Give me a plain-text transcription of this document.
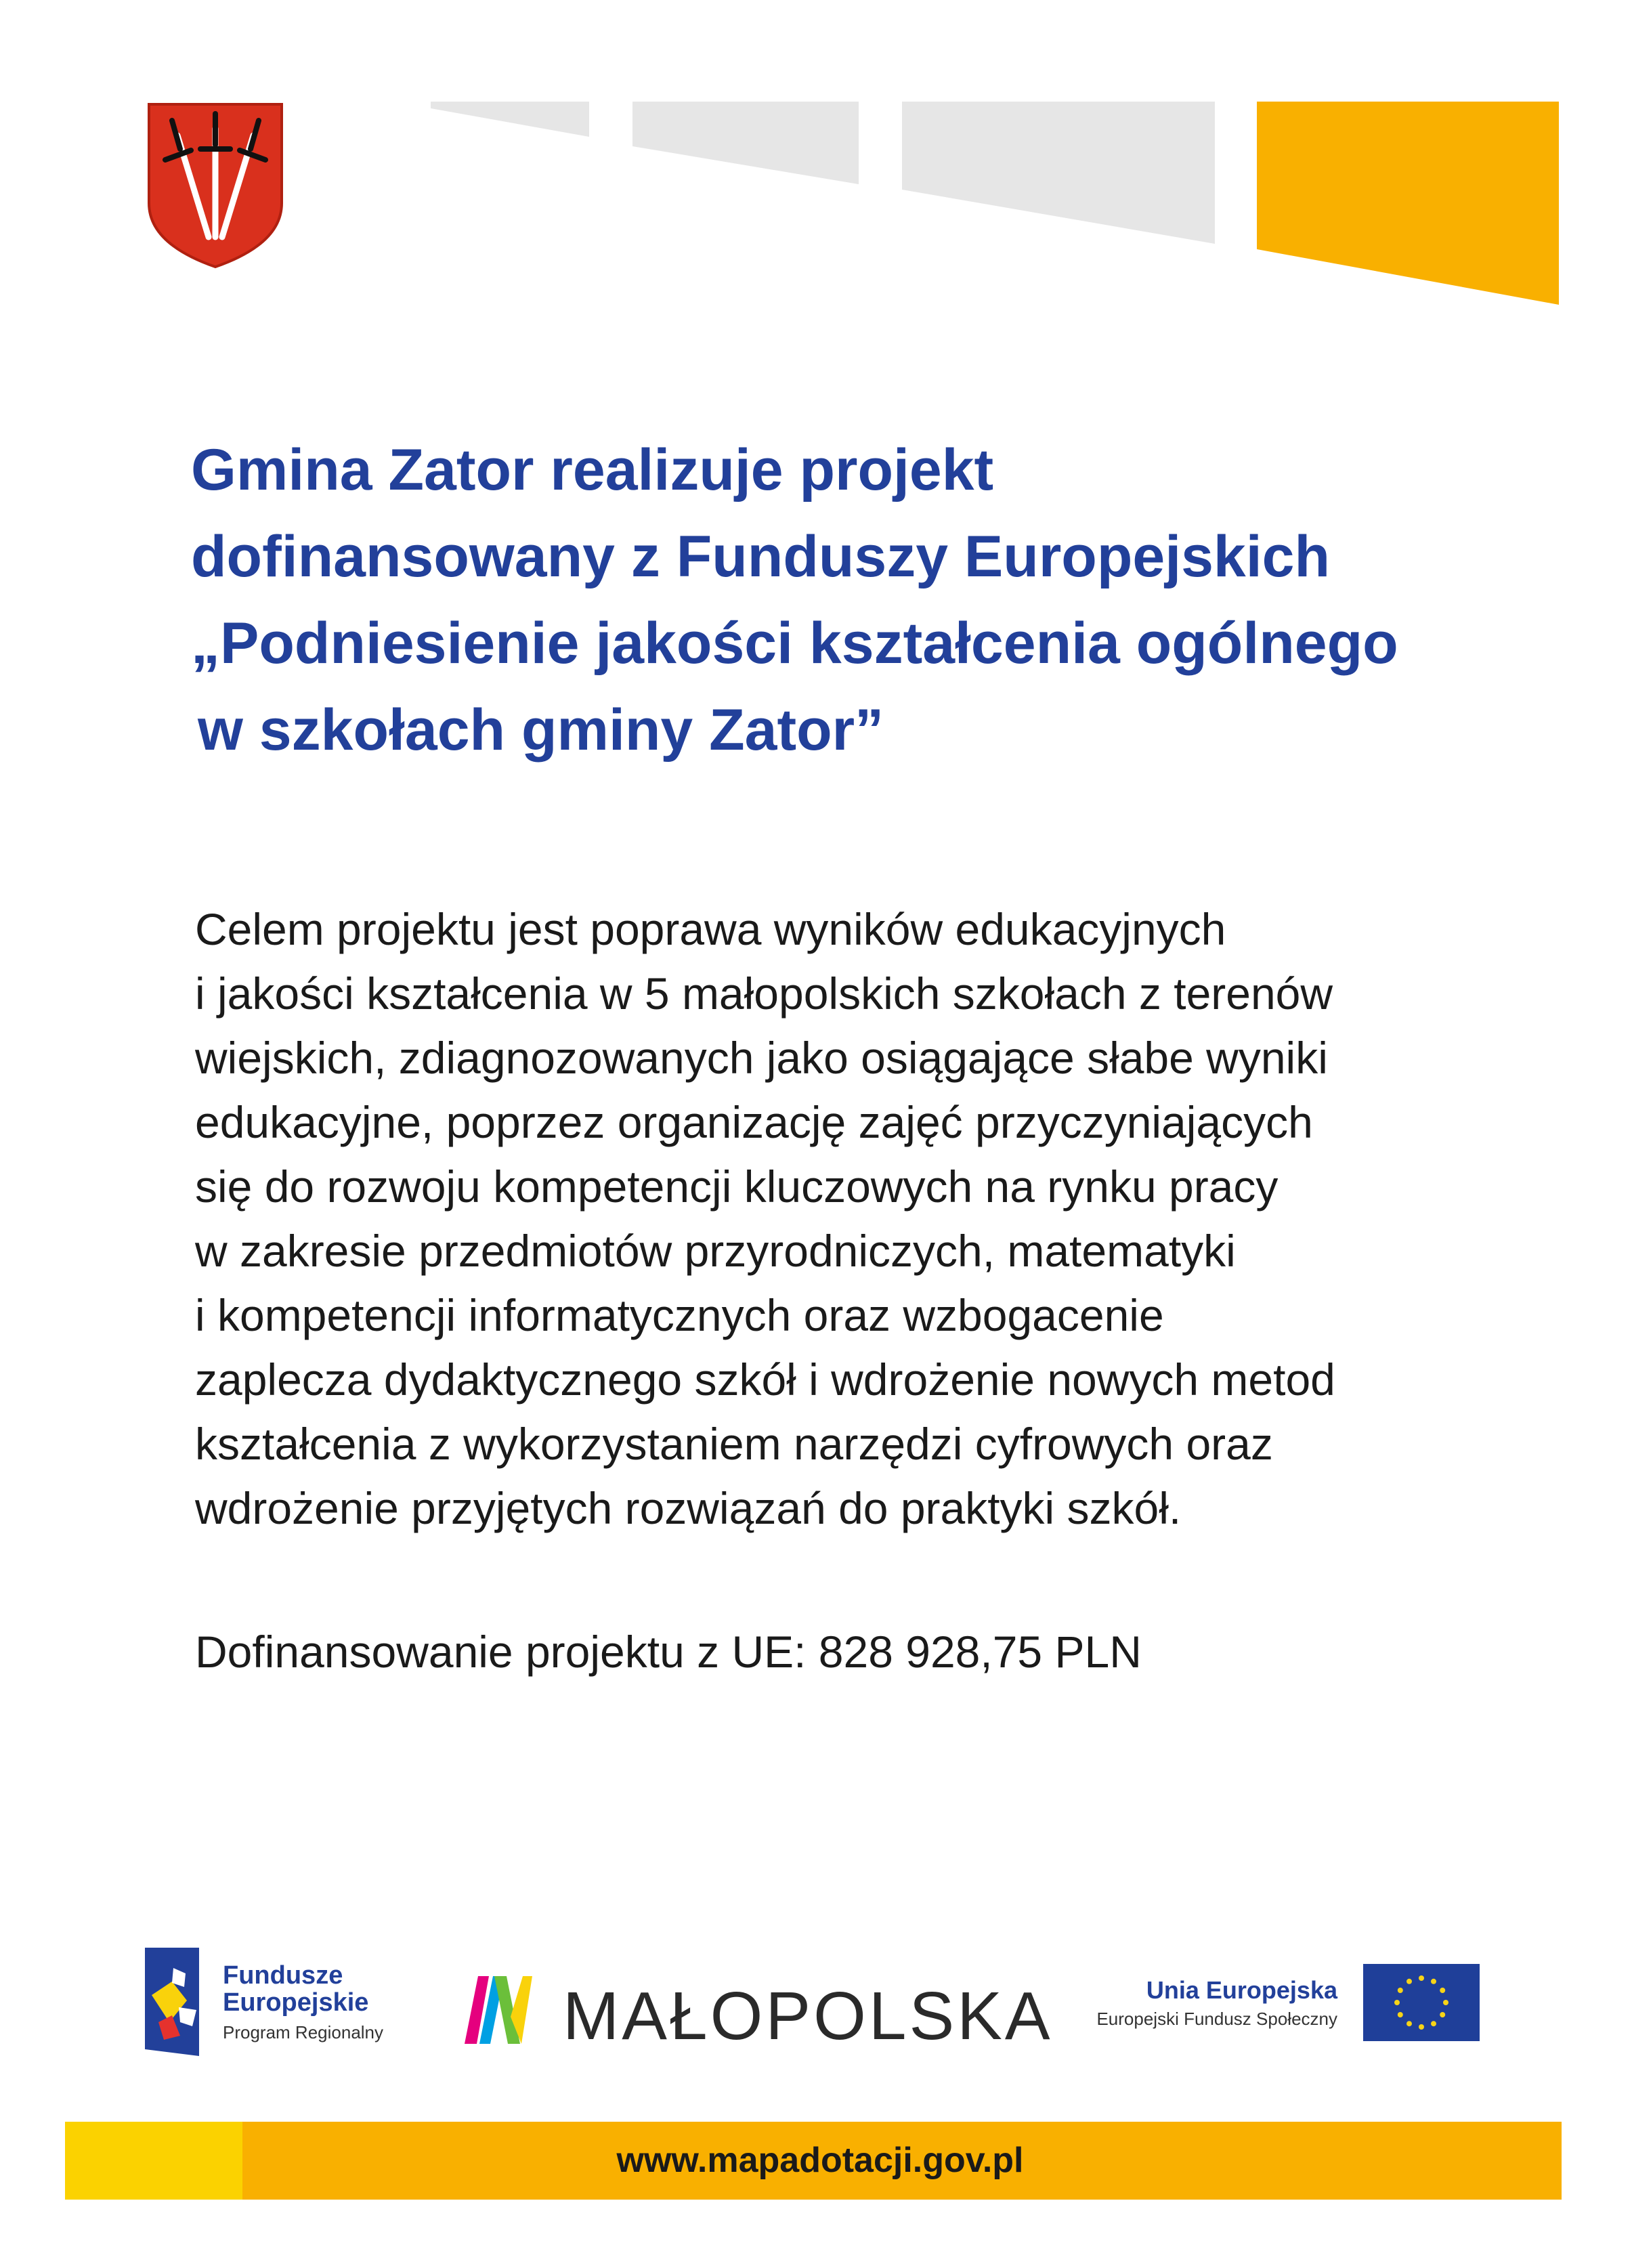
Gmina Zator realizuje projekt
dofinansowany z Funduszy Europejskich
„Podniesienie jakości kształcenia ogólnego
w szkołach gminy Zator”
Celem projektu jest poprawa wyników edukacyjnych
i jakości kształcenia w 5 małopolskich szkołach z terenów
wiejskich, zdiagnozowanych jako osiągające słabe wyniki
edukacyjne, poprzez organizację zajęć przyczyniających
się do rozwoju kompetencji kluczowych na rynku pracy
w zakresie przedmiotów przyrodniczych, matematyki
i kompetencji informatycznych oraz wzbogacenie
zaplecza dydaktycznego szkół i wdrożenie nowych metod
kształcenia z wykorzystaniem narzędzi cyfrowych oraz
wdrożenie przyjętych rozwiązań do praktyki szkół.
Dofinansowanie projektu z UE: 828 928,75 PLN
Fundusze
Europejskie
Program Regionalny	MAŁOPOLSKA	Unia Europejska
Europejski Fundusz Społeczny
www.mapadotacji.gov.pl
